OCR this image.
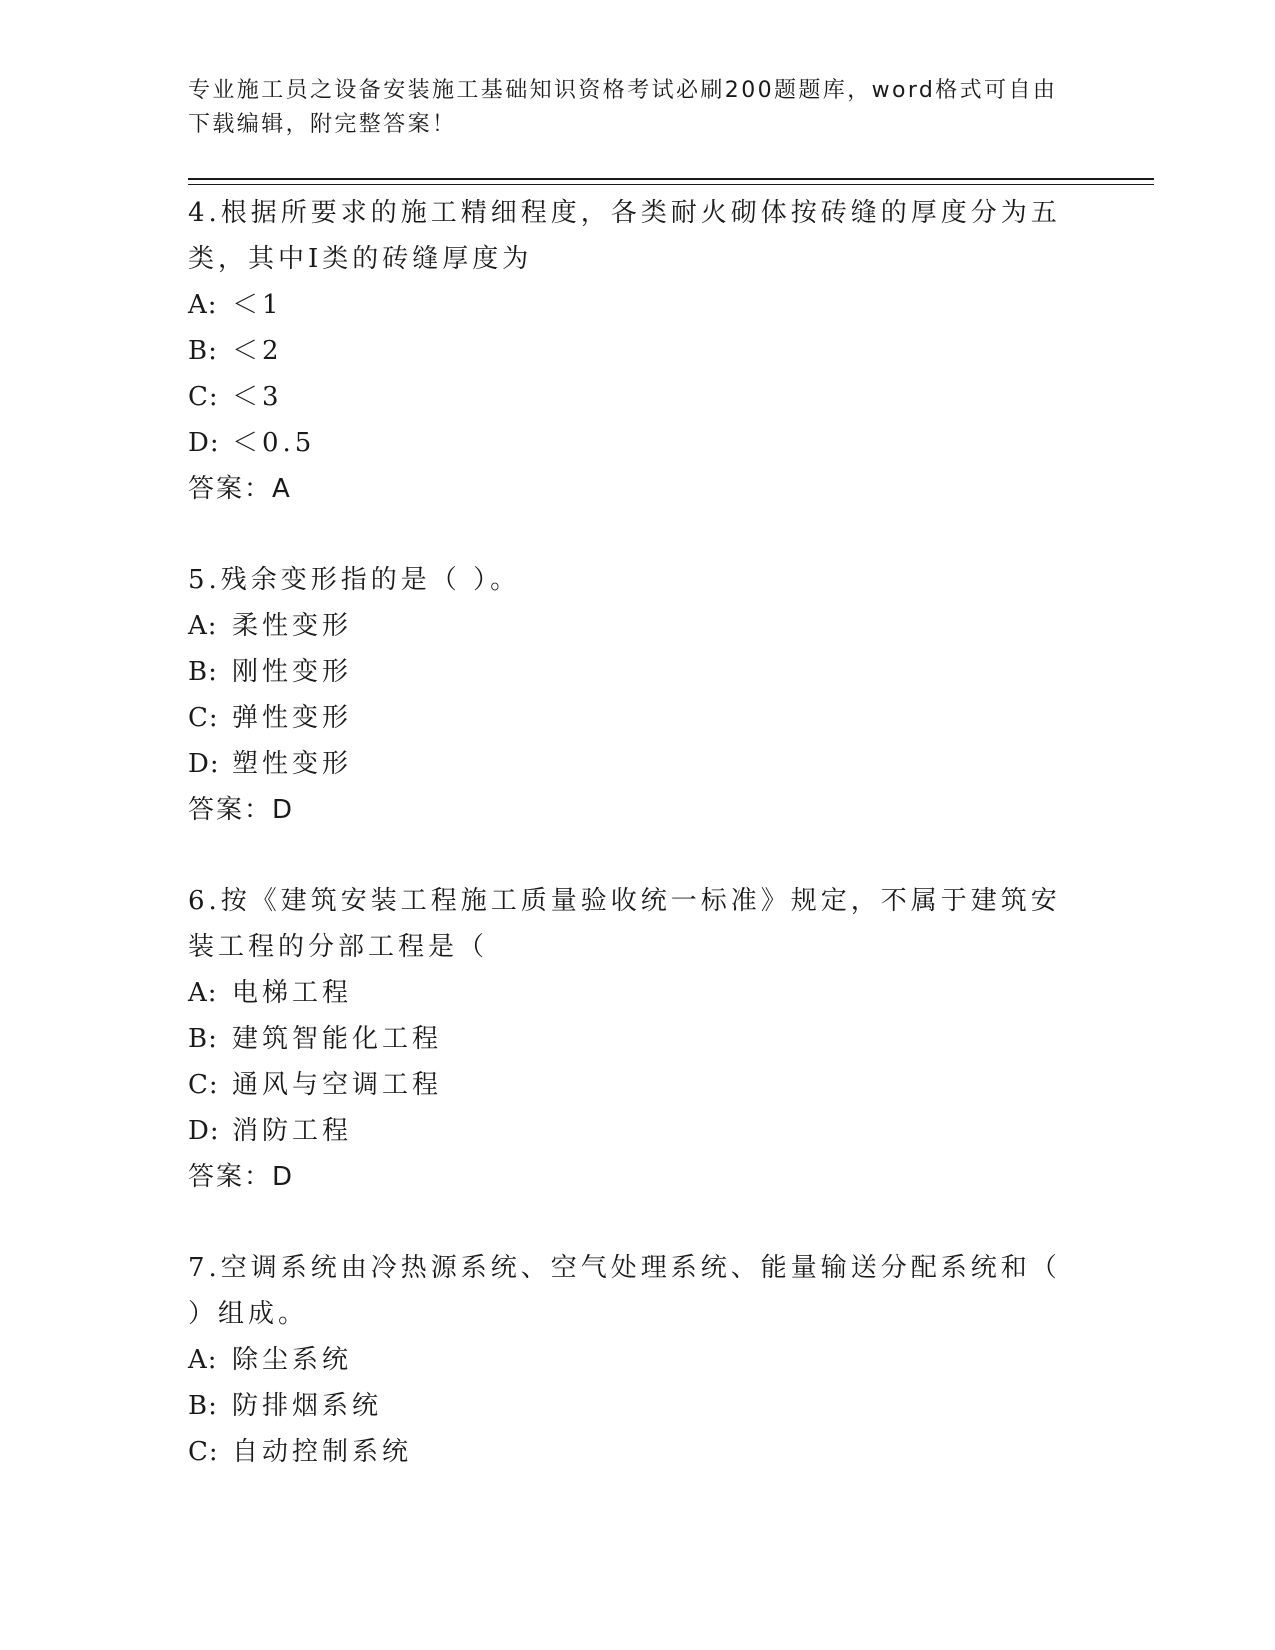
专业施工员之设备安装施工基础知识资格考试必刷200题题库，word格式可自由下载编辑，附完整答案！
4.根据所要求的施工精细程度，各类耐火砌体按砖缝的厚度分为五类，其中Ⅰ类的砖缝厚度为
A: ＜1
B: ＜2
C: ＜3
D: ＜0.5
答案：A
5.残余变形指的是（ ）。
A: 柔性变形
B: 刚性变形
C: 弹性变形
D: 塑性变形
答案：D
6.按《建筑安装工程施工质量验收统一标准》规定，不属于建筑安装工程的分部工程是（
A: 电梯工程
B: 建筑智能化工程
C: 通风与空调工程
D: 消防工程
答案：D
7.空调系统由冷热源系统、空气处理系统、能量输送分配系统和（ ）组成。
A: 除尘系统
B: 防排烟系统
C: 自动控制系统
